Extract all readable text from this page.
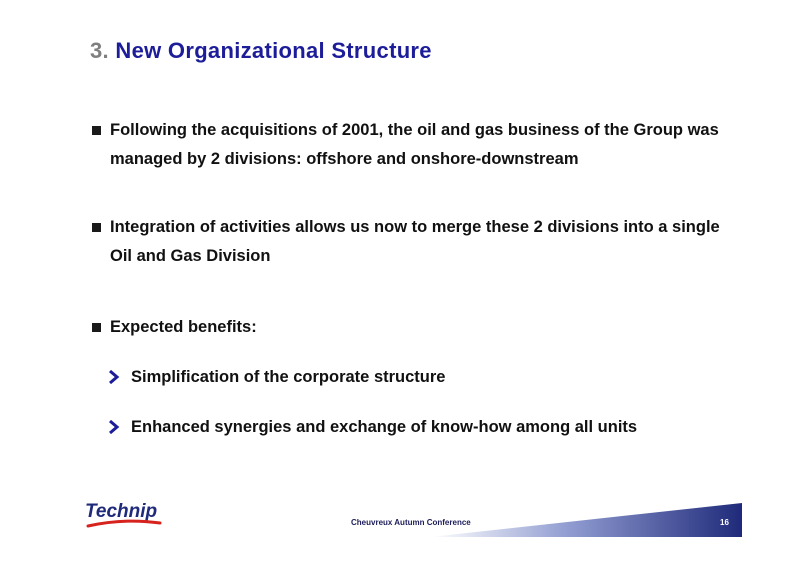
3. New Organizational Structure
Following the acquisitions of 2001, the oil and gas business of the Group was managed by 2 divisions: offshore and onshore-downstream
Integration of activities allows us now to merge these 2 divisions into a single Oil and Gas Division
Expected benefits:
Simplification of the corporate structure
Enhanced synergies and exchange of know-how among all units
Technip
Cheuvreux Autumn Conference	16
